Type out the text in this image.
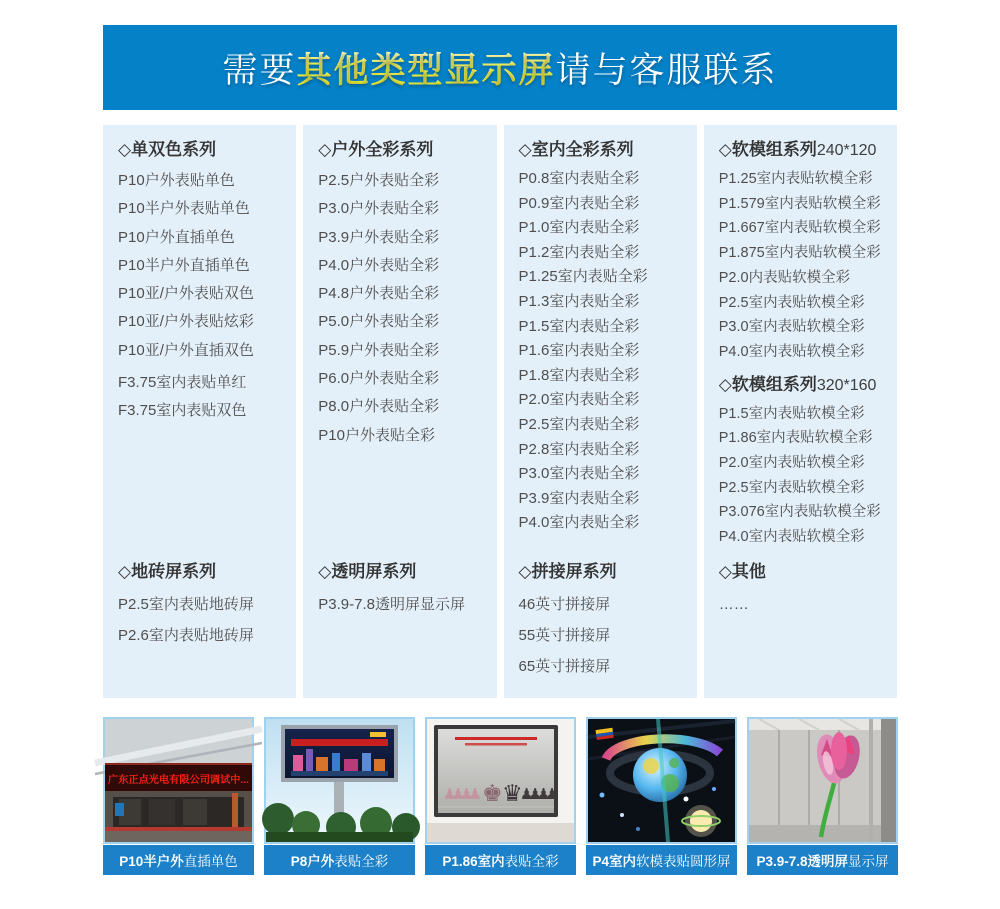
需要 其他类型显示屏 请与客服联系
◇单双色系列
P10户外表贴单色
P10半户外表贴单色
P10户外直插单色
P10半户外直插单色
P10亚/户外表贴双色
P10亚/户外表贴炫彩
P10亚/户外直插双色
F3.75室内表贴单红
F3.75室内表贴双色
◇户外全彩系列
P2.5户外表贴全彩
P3.0户外表贴全彩
P3.9户外表贴全彩
P4.0户外表贴全彩
P4.8户外表贴全彩
P5.0户外表贴全彩
P5.9户外表贴全彩
P6.0户外表贴全彩
P8.0户外表贴全彩
P10户外表贴全彩
◇室内全彩系列
P0.8室内表贴全彩
P0.9室内表贴全彩
P1.0室内表贴全彩
P1.2室内表贴全彩
P1.25室内表贴全彩
P1.3室内表贴全彩
P1.5室内表贴全彩
P1.6室内表贴全彩
P1.8室内表贴全彩
P2.0室内表贴全彩
P2.5室内表贴全彩
P2.8室内表贴全彩
P3.0室内表贴全彩
P3.9室内表贴全彩
P4.0室内表贴全彩
◇软模组系列240*120
P1.25室内表贴软模全彩
P1.579室内表贴软模全彩
P1.667室内表贴软模全彩
P1.875室内表贴软模全彩
P2.0内表贴软模全彩
P2.5室内表贴软模全彩
P3.0室内表贴软模全彩
P4.0室内表贴软模全彩
◇软模组系列320*160
P1.5室内表贴软模全彩
P1.86室内表贴软模全彩
P2.0室内表贴软模全彩
P2.5室内表贴软模全彩
P3.076室内表贴软模全彩
P4.0室内表贴软模全彩
◇地砖屏系列
P2.5室内表贴地砖屏
P2.6室内表贴地砖屏
◇透明屏系列
P3.9-7.8透明屏显示屏
◇拼接屏系列
46英寸拼接屏
55英寸拼接屏
65英寸拼接屏
◇其他
……
广东正点光电有限公司调试中...
P10半户外 直插单色	P8户外 表贴全彩
♟♟♟♟ ♚ ♛
♟♟♟♟
P1.86室内 表贴全彩	P4室内 软模表贴圆形屏 P3.9-7.8透明屏 显示屏
